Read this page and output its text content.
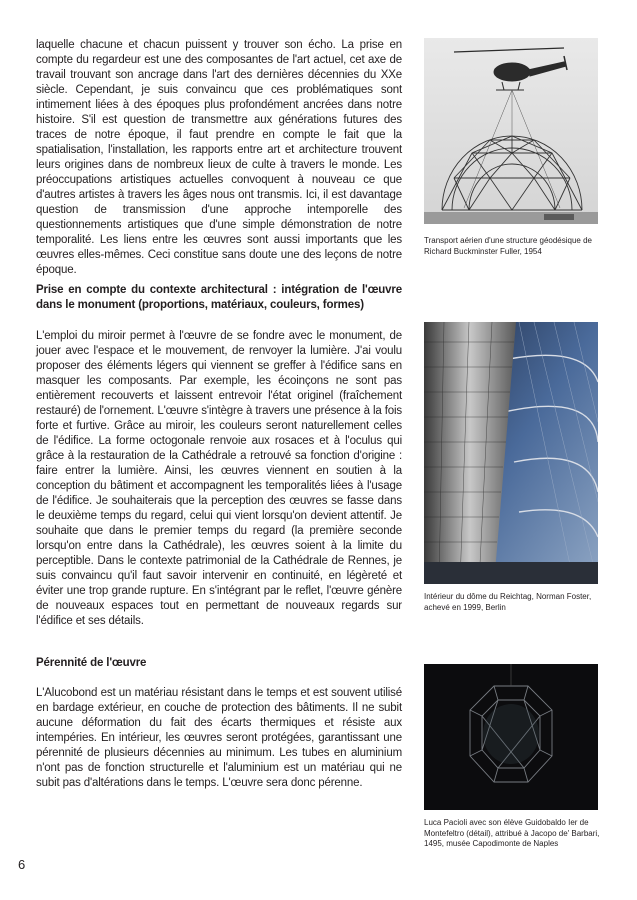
laquelle chacune et chacun puissent y trouver son écho. La prise en compte du regardeur est une des composantes de l'art actuel, cet axe de travail trouvant son ancrage dans l'art des dernières décennies du XXe siècle. Cependant, je suis convaincu que ces problématiques sont intimement liées à des époques plus profondément ancrées dans notre histoire. S'il est question de transmettre aux générations futures des traces de notre époque, il faut prendre en compte le fait que la spatialisation, l'installation, les rapports entre art et architecture trouvent leurs origines dans de nombreux lieux de culte à travers le monde. Les préoccupations artistiques actuelles convoquent à nouveau ce que d'autres artistes à travers les âges nous ont transmis. Ici, il est davantage question de transmission d'une approche intemporelle des questionnements artistiques que d'une simple démonstration de notre temporalité. Les liens entre les œuvres sont aussi importants que les œuvres elles-mêmes. Ceci constitue sans doute une des leçons de notre époque.

Prise en compte du contexte architectural : intégration de l'œuvre dans le monument (proportions, matériaux, couleurs, formes)

L'emploi du miroir permet à l'œuvre de se fondre avec le monument, de jouer avec l'espace et le mouvement, de renvoyer la lumière. J'ai voulu proposer des éléments légers qui viennent se greffer à l'édifice sans en masquer les composants. Par exemple, les écoinçons ne sont pas entièrement recouverts et laissent entrevoir l'état originel (fraîchement restauré) de l'ornement. L'œuvre s'intègre à travers une présence à la fois forte et furtive. Grâce au miroir, les couleurs seront naturellement celles de l'édifice. La forme octogonale renvoie aux rosaces et à l'oculus qui grâce à la restauration de la Cathédrale a retrouvé sa fonction d'origine : faire entrer la lumière. Ainsi, les œuvres viennent en soutien à la conception du bâtiment et accompagnent les temporalités liées à l'usage de l'édifice. Je souhaiterais que la perception des œuvres se fasse dans le deuxième temps du regard, celui qui vient lorsqu'on devient attentif. Je souhaite que dans le premier temps du regard (la première seconde lorsqu'on entre dans la Cathédrale), les œuvres soient à la limite du perceptible. Dans le contexte patrimonial de la Cathédrale de Rennes, je suis convaincu qu'il faut savoir intervenir en continuité, en légèreté et éviter une trop grande rupture. En s'intégrant par le reflet, l'œuvre génère de nouveaux espaces tout en permettant de nouveaux regards sur l'édifice et ses détails.

Pérennité de l'œuvre

L'Alucobond est un matériau résistant dans le temps et est souvent utilisé en bardage extérieur, en couche de protection des bâtiments. Il ne subit aucune déformation du fait des écarts thermiques et résiste aux intempéries. En intérieur, les œuvres seront protégées, garantissant une pérennité de plusieurs décennies au minimum. Les tubes en aluminium n'ont pas de fonction structurelle et l'aluminium est un matériau qui ne subit pas d'altérations dans le temps. L'œuvre sera donc pérenne.

Transport aérien d'une structure géodésique de Richard Buckminster Fuller, 1954
Intérieur du dôme du Reichtag, Norman Foster, achevé en 1999, Berlin
Luca Pacioli avec son élève Guidobaldo Ier de Montefeltro (détail), attribué à Jacopo de' Barbari, 1495, musée Capodimonte de Naples
6
